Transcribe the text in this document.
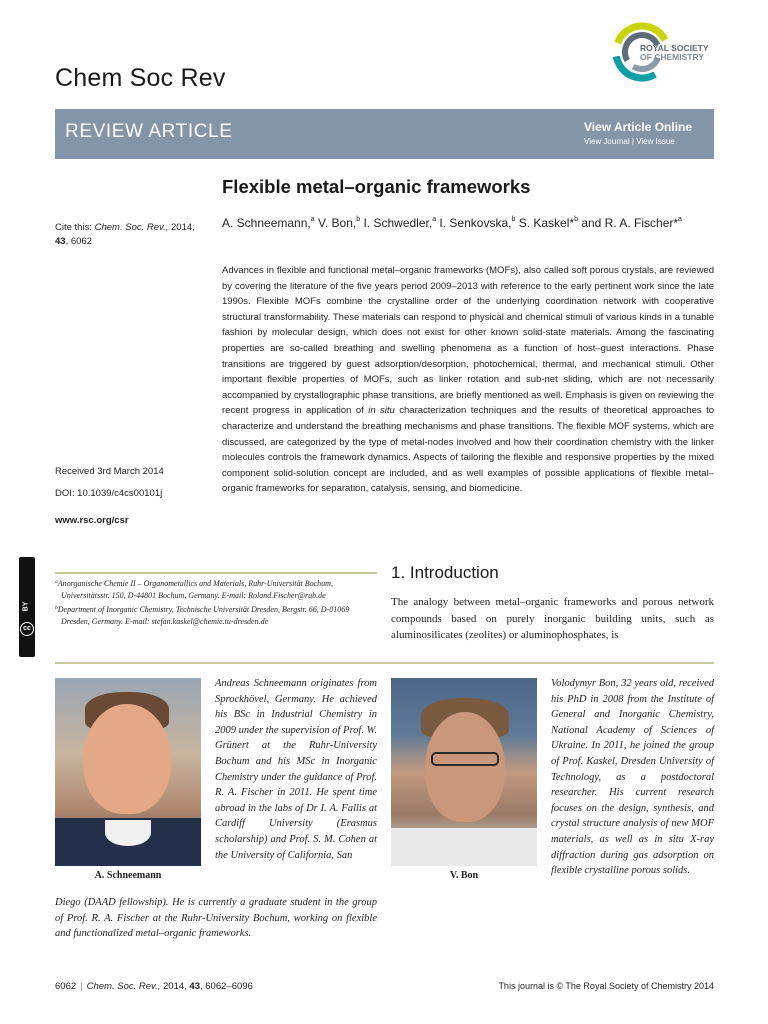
Chem Soc Rev
ROYAL SOCIETY
OF CHEMISTRY
REVIEW ARTICLE	View Article Online
View Journal | View Issue
Flexible metal–organic frameworks
A. Schneemann,$^a$ V. Bon,$^b$ I. Schwedler,$^a$ I. Senkovska,$^b$ S. Kaskel*$^b$ and R. A. Fischer*$^a$
Cite this: Chem. Soc. Rev., 2014,
43, 6062
Received 3rd March 2014
DOI: 10.1039/c4cs00101j
www.rsc.org/csr
Advances in flexible and functional metal–organic frameworks (MOFs), also called soft porous crystals, are reviewed by covering the literature of the five years period 2009–2013 with reference to the early pertinent work since the late 1990s. Flexible MOFs combine the crystalline order of the underlying coordination network with cooperative structural transformability. These materials can respond to physical and chemical stimuli of various kinds in a tunable fashion by molecular design, which does not exist for other known solid-state materials. Among the fascinating properties are so-called breathing and swelling phenomena as a function of host–guest interactions. Phase transitions are triggered by guest adsorption/desorption, photochemical, thermal, and mechanical stimuli. Other important flexible properties of MOFs, such as linker rotation and sub-net sliding, which are not necessarily accompanied by crystallographic phase transitions, are briefly mentioned as well. Emphasis is given on reviewing the recent progress in application of in situ characterization techniques and the results of theoretical approaches to characterize and understand the breathing mechanisms and phase transitions. The flexible MOF systems, which are discussed, are categorized by the type of metal-nodes involved and how their coordination chemistry with the linker molecules controls the framework dynamics. Aspects of tailoring the flexible and responsive properties by the mixed component solid-solution concept are included, and as well examples of possible applications of flexible metal–organic frameworks for separation, catalysis, sensing, and biomedicine.
cc
BY
$^a$Anorganische Chemie II – Organometallics and Materials, Ruhr-Universität Bochum, Universitätsstr. 150, D-44801 Bochum, Germany. E-mail: Roland.Fischer@rub.de
$^b$Department of Inorganic Chemistry, Technische Universität Dresden, Bergstr. 66, D-01069 Dresden, Germany. E-mail: stefan.kaskel@chemie.tu-dresden.de
1. Introduction
The analogy between metal–organic frameworks and porous network compounds based on purely inorganic building units, such as aluminosilicates (zeolites) or aluminophosphates, is
A. Schneemann
Andreas Schneemann originates from Sprockhövel, Germany. He achieved his BSc in Industrial Chemistry in 2009 under the supervision of Prof. W. Grünert at the Ruhr-University Bochum and his MSc in Inorganic Chemistry under the guidance of Prof. R. A. Fischer in 2011. He spent time abroad in the labs of Dr I. A. Fallis at Cardiff University (Erasmus scholarship) and Prof. S. M. Cohen at the University of California, San
Diego (DAAD fellowship). He is currently a graduate student in the group of Prof. R. A. Fischer at the Ruhr-University Bochum, working on flexible and functionalized metal–organic frameworks.
V. Bon
Volodymyr Bon, 32 years old, received his PhD in 2008 from the Institute of General and Inorganic Chemistry, National Academy of Sciences of Ukraine. In 2011, he joined the group of Prof. Kaskel, Dresden University of Technology, as a postdoctoral researcher. His current research focuses on the design, synthesis, and crystal structure analysis of new MOF materials, as well as in situ X-ray diffraction during gas adsorption on flexible crystalline porous solids.
6062 | Chem. Soc. Rev., 2014, 43, 6062–6096	This journal is © The Royal Society of Chemistry 2014
